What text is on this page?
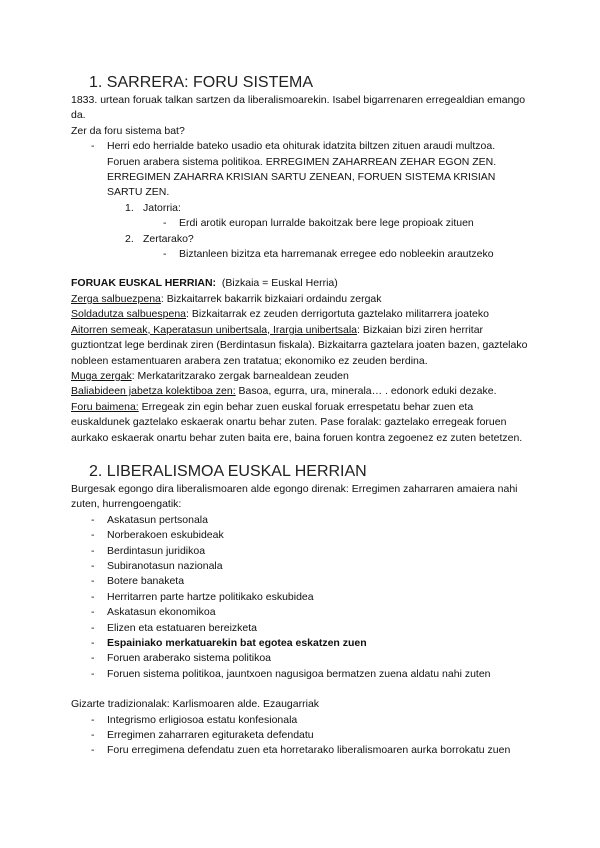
1. SARRERA: FORU SISTEMA

1833. urtean foruak talkan sartzen da liberalismoarekin. Isabel bigarrenaren erregealdian emango da.

Zer da foru sistema bat?

- Herri edo herrialde bateko usadio eta ohiturak idatzita biltzen zituen araudi multzoa. Foruen arabera sistema politikoa. ERREGIMEN ZAHARREAN ZEHAR EGON ZEN. ERREGIMEN ZAHARRA KRISIAN SARTU ZENEAN, FORUEN SISTEMA KRISIAN SARTU ZEN.
1. Jatorria:
- Erdi arotik europan lurralde bakoitzak bere lege propioak zituen
2. Zertarako?
- Biztanleen bizitza eta harremanak erregee edo nobleekin arautzeko

FORUAK EUSKAL HERRIAN: (Bizkaia = Euskal Herria)

Zerga salbuezpena: Bizkaitarrek bakarrik bizkaiari ordaindu zergak

Soldadutza salbuespena: Bizkaitarrak ez zeuden derrigortuta gaztelako militarrera joateko

Aitorren semeak, Kaperatasun unibertsala, Irargia unibertsala: Bizkaian bizi ziren herritar guztiontzat lege berdinak ziren (Berdintasun fiskala). Bizkaitarra gaztelara joaten bazen, gaztelako nobleen estamentuaren arabera zen tratatua; ekonomiko ez zeuden berdina.

Muga zergak: Merkataritzarako zergak barnealdean zeuden

Baliabideen jabetza kolektiboa zen: Basoa, egurra, ura, minerala… . edonork eduki dezake.

Foru baimena: Erregeak zin egin behar zuen euskal foruak errespetatu behar zuen eta euskaldunek gaztelako eskaerak onartu behar zuten. Pase foralak: gaztelako erregeak foruen aurkako eskaerak onartu behar zuten baita ere, baina foruen kontra zegoenez ez zuten betetzen.

2. LIBERALISMOA EUSKAL HERRIAN

Burgesak egongo dira liberalismoaren alde egongo direnak: Erregimen zaharraren amaiera nahi zuten, hurrengoengatik:

- Askatasun pertsonala
- Norberakoen eskubideak
- Berdintasun juridikoa
- Subiranotasun nazionala
- Botere banaketa
- Herritarren parte hartze politikako eskubidea
- Askatasun ekonomikoa
- Elizen eta estatuaren bereizketa
- Espainiako merkatuarekin bat egotea eskatzen zuen
- Foruen araberako sistema politikoa
- Foruen sistema politikoa, jauntxoen nagusigoa bermatzen zuena aldatu nahi zuten

Gizarte tradizionalak: Karlismoaren alde. Ezaugarriak

- Integrismo erligiosoa estatu konfesionala
- Erregimen zaharraren egituraketa defendatu
- Foru erregimena defendatu zuen eta horretarako liberalismoaren aurka borrokatu zuen
